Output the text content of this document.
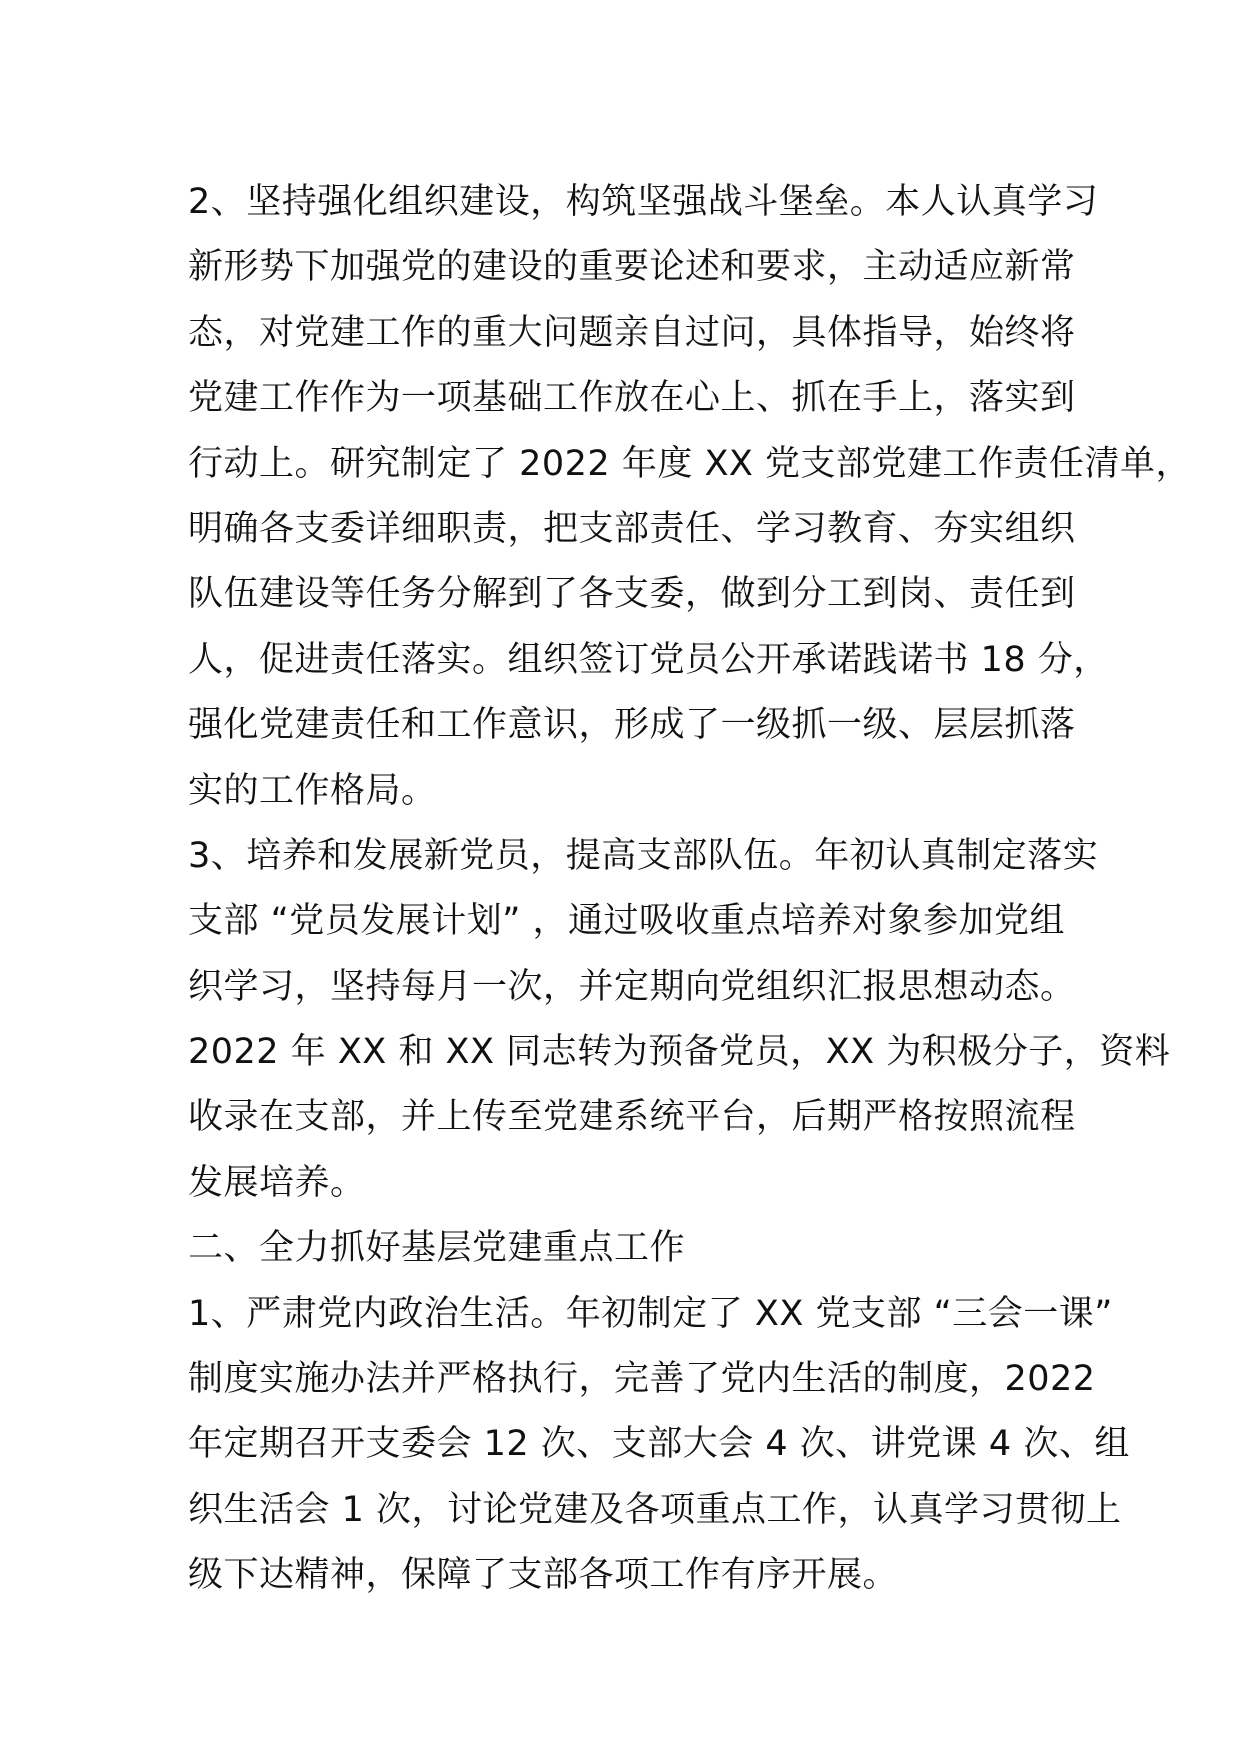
2、坚持强化组织建设，构筑坚强战斗堡垒。本人认真学习
新形势下加强党的建设的重要论述和要求，主动适应新常
态，对党建工作的重大问题亲自过问，具体指导，始终将
党建工作作为一项基础工作放在心上、抓在手上，落实到
行动上。研究制定了 2022 年度 XX 党支部党建工作责任清单，
明确各支委详细职责，把支部责任、学习教育、夯实组织
队伍建设等任务分解到了各支委，做到分工到岗、责任到
人，促进责任落实。组织签订党员公开承诺践诺书 18 分，
强化党建责任和工作意识，形成了一级抓一级、层层抓落
实的工作格局。
3、培养和发展新党员，提高支部队伍。年初认真制定落实
支部 “党员发展计划” ，通过吸收重点培养对象参加党组
织学习，坚持每月一次，并定期向党组织汇报思想动态。
2022 年 XX 和 XX 同志转为预备党员，XX 为积极分子，资料
收录在支部，并上传至党建系统平台，后期严格按照流程
发展培养。
二、全力抓好基层党建重点工作
1、严肃党内政治生活。年初制定了 XX 党支部 “三会一课”
制度实施办法并严格执行，完善了党内生活的制度，2022
年定期召开支委会 12 次、支部大会 4 次、讲党课 4 次、组
织生活会 1 次，讨论党建及各项重点工作，认真学习贯彻上
级下达精神，保障了支部各项工作有序开展。
